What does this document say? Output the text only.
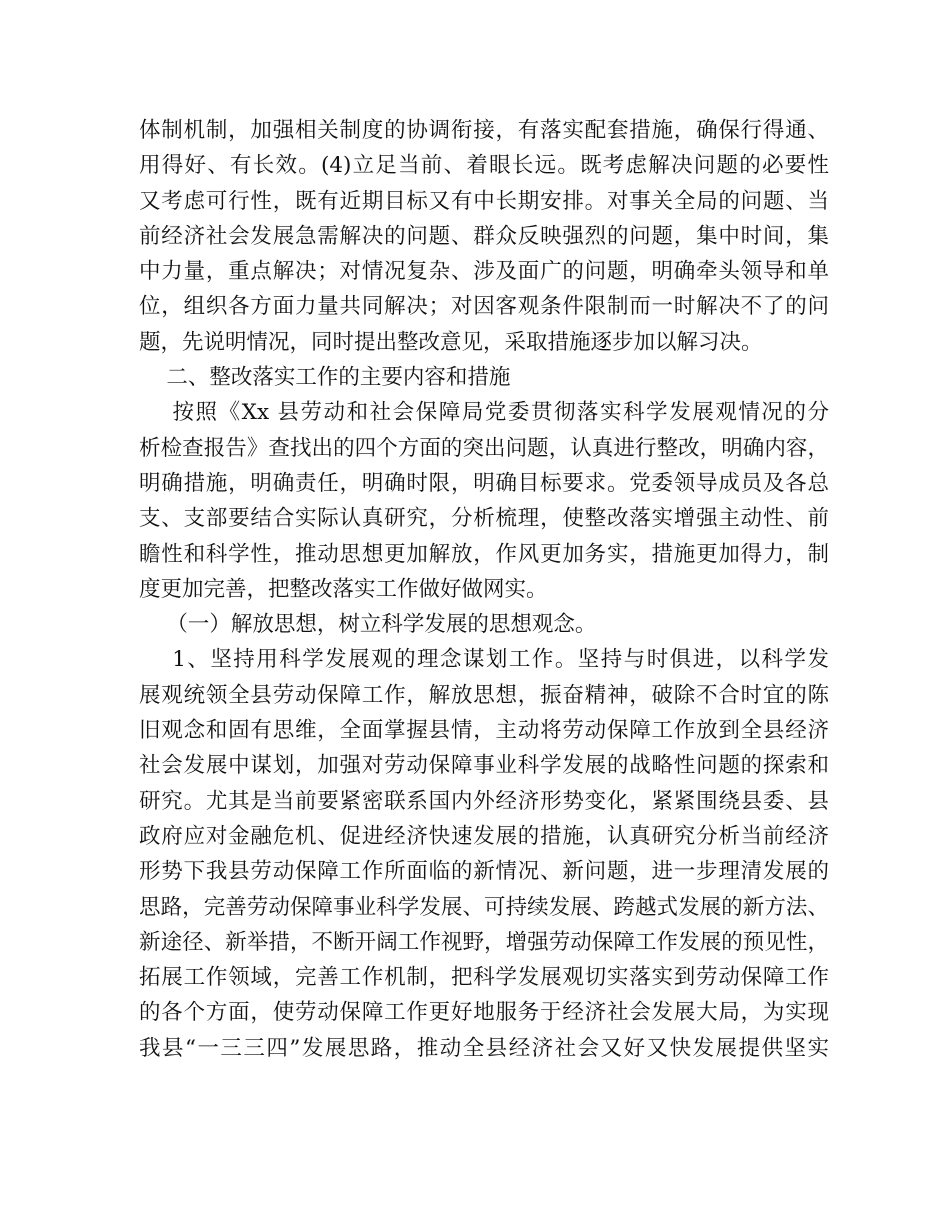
体制机制，加强相关制度的协调衔接，有落实配套措施，确保行得通、
用得好、有长效。(4)立足当前、着眼长远。既考虑解决问题的必要性
又考虑可行性，既有近期目标又有中长期安排。对事关全局的问题、当
前经济社会发展急需解决的问题、群众反映强烈的问题，集中时间，集
中力量，重点解决；对情况复杂、涉及面广的问题，明确牵头领导和单
位，组织各方面力量共同解决；对因客观条件限制而一时解决不了的问
题，先说明情况，同时提出整改意见，采取措施逐步加以解习决。
二、整改落实工作的主要内容和措施
按照《Xx 县劳动和社会保障局党委贯彻落实科学发展观情况的分
析检查报告》查找出的四个方面的突出问题，认真进行整改，明确内容，
明确措施，明确责任，明确时限，明确目标要求。党委领导成员及各总
支、支部要结合实际认真研究，分析梳理，使整改落实增强主动性、前
瞻性和科学性，推动思想更加解放，作风更加务实，措施更加得力，制
度更加完善，把整改落实工作做好做网实。
（一）解放思想，树立科学发展的思想观念。
1、坚持用科学发展观的理念谋划工作。坚持与时俱进，以科学发
展观统领全县劳动保障工作，解放思想，振奋精神，破除不合时宜的陈
旧观念和固有思维，全面掌握县情，主动将劳动保障工作放到全县经济
社会发展中谋划，加强对劳动保障事业科学发展的战略性问题的探索和
研究。尤其是当前要紧密联系国内外经济形势变化，紧紧围绕县委、县
政府应对金融危机、促进经济快速发展的措施，认真研究分析当前经济
形势下我县劳动保障工作所面临的新情况、新问题，进一步理清发展的
思路，完善劳动保障事业科学发展、可持续发展、跨越式发展的新方法、
新途径、新举措，不断开阔工作视野，增强劳动保障工作发展的预见性，
拓展工作领域，完善工作机制，把科学发展观切实落实到劳动保障工作
的各个方面，使劳动保障工作更好地服务于经济社会发展大局，为实现
我县“一三三四”发展思路，推动全县经济社会又好又快发展提供坚实
